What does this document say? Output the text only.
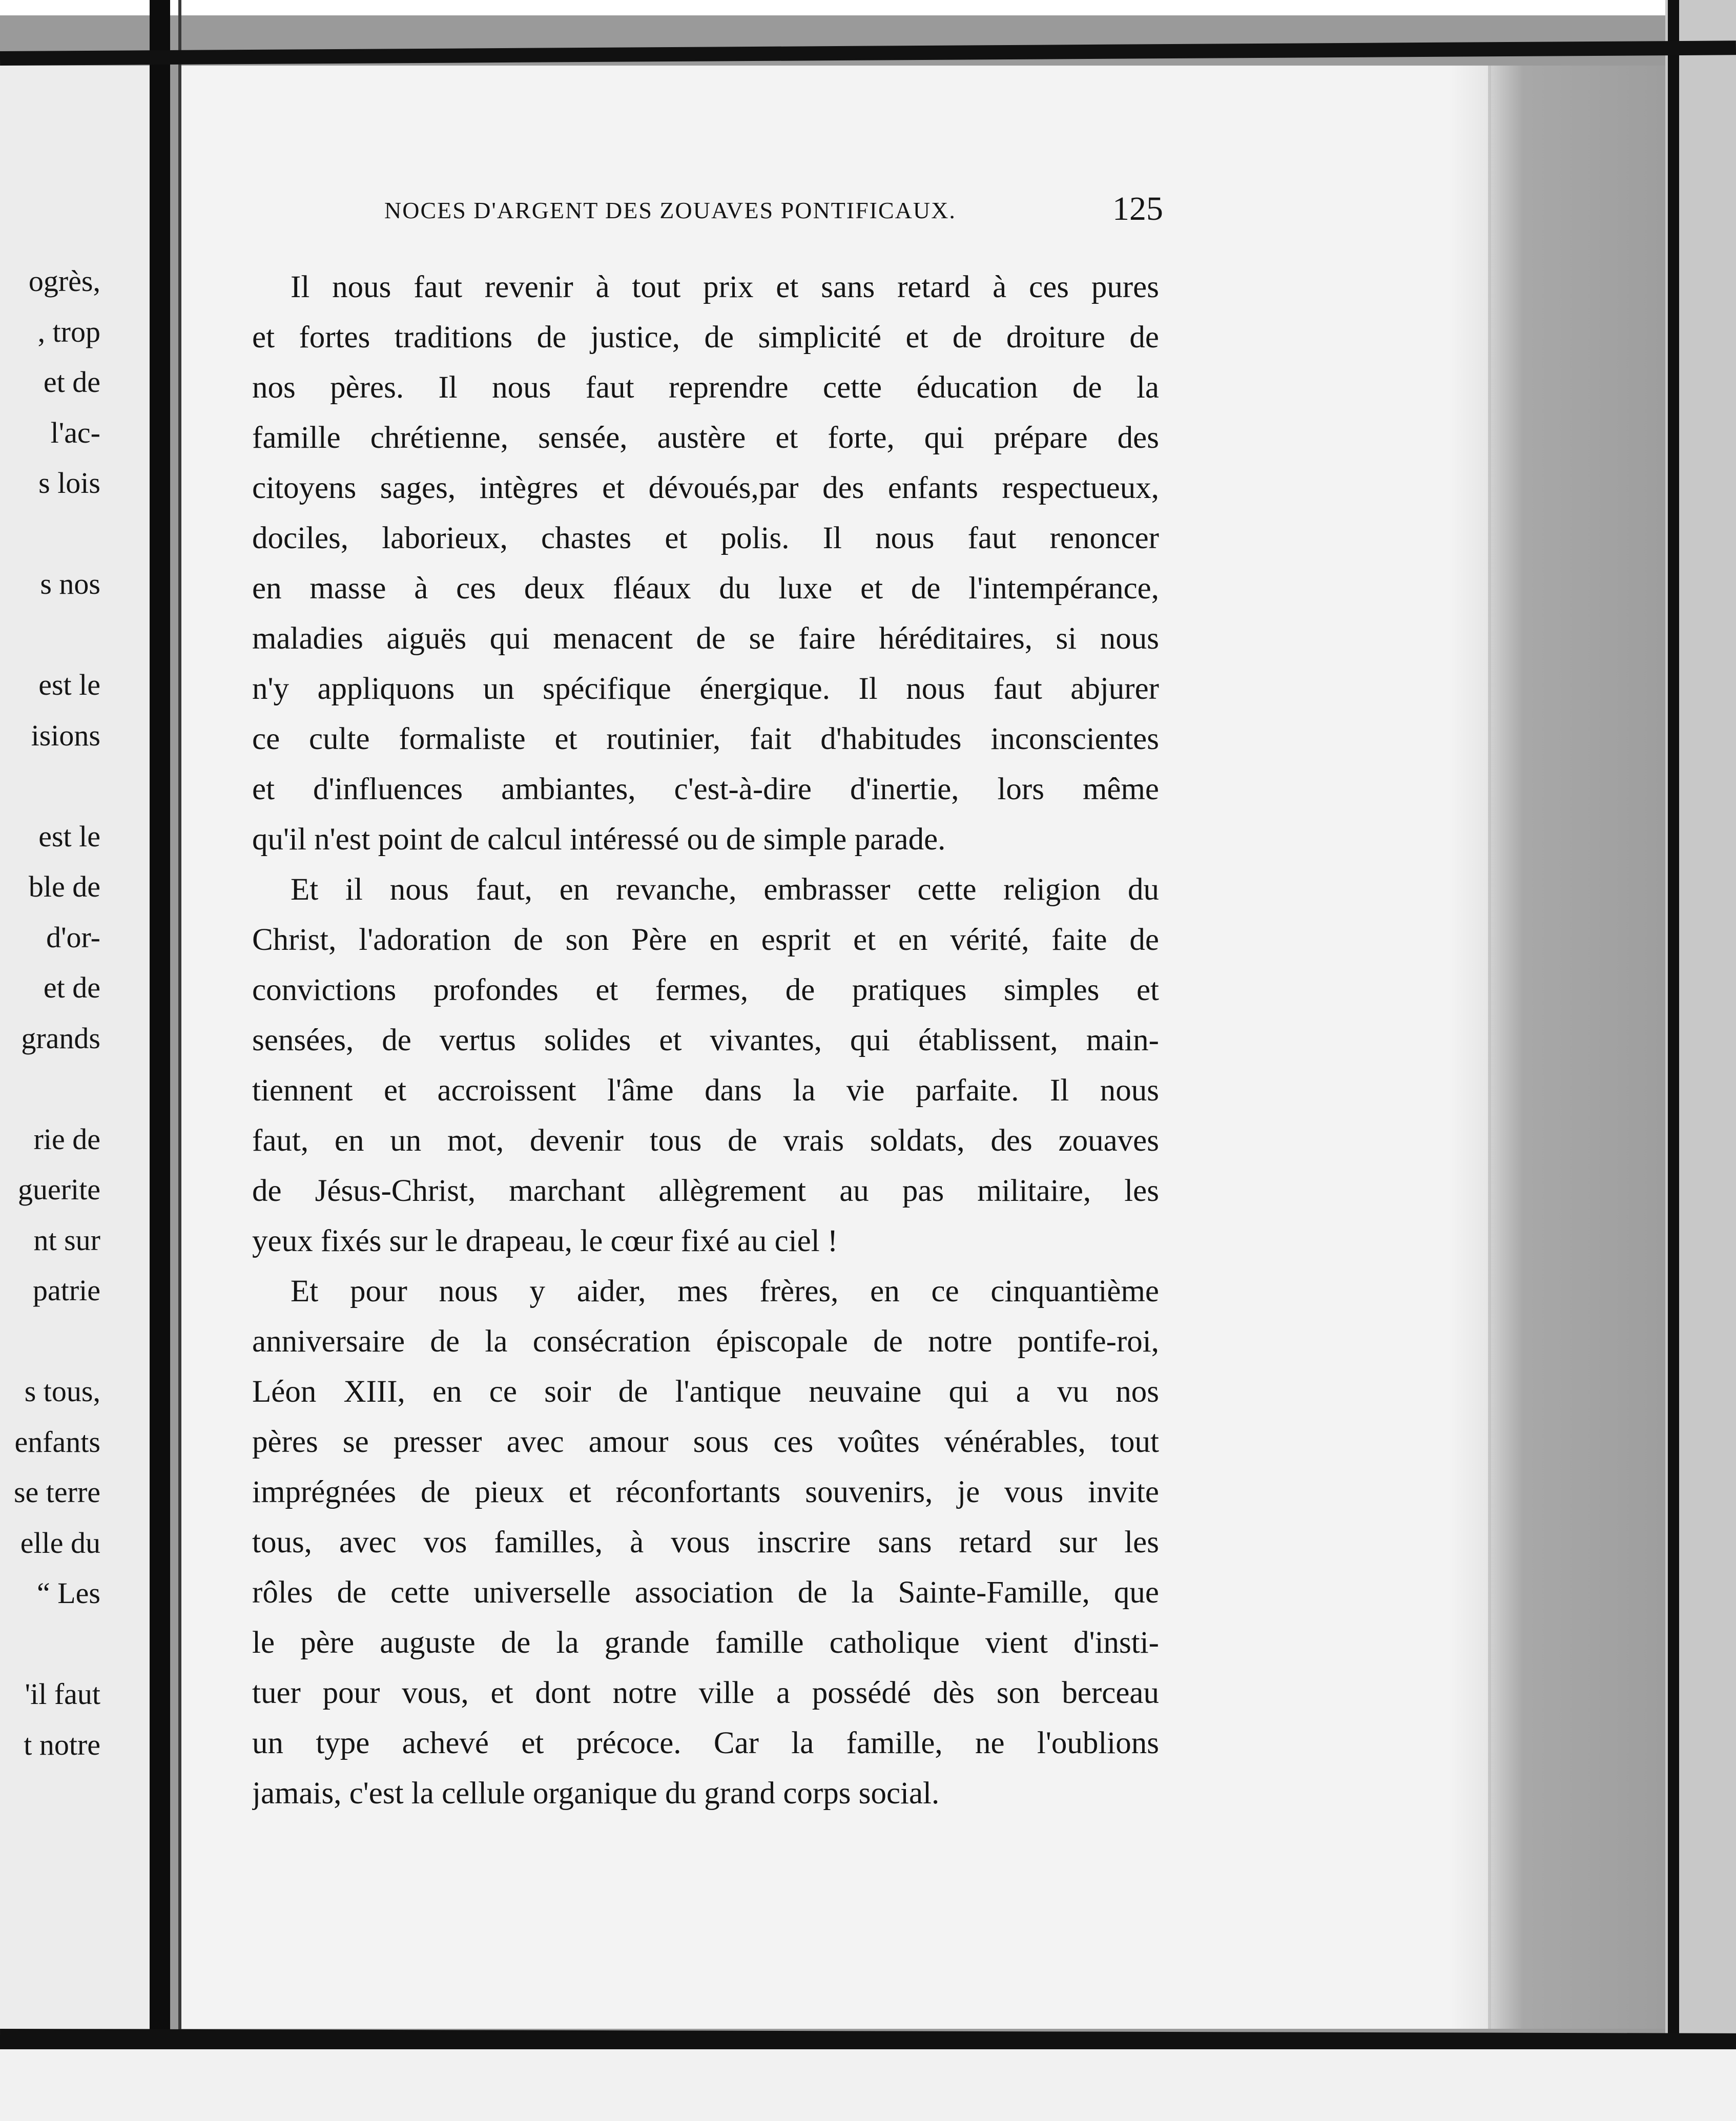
ogrès,
, trop
et de
l'ac-
s lois
s nos
est le
isions
est le
ble de
d'or-
et de
grands
rie de
guerite
nt sur
patrie
s tous,
enfants
se terre
elle du
“ Les
'il faut
t notre
NOCES D'ARGENT DES ZOUAVES PONTIFICAUX.	125
Il nous faut revenir à tout prix et sans retard à ces pures
et fortes traditions de justice, de simplicité et de droiture de
nos pères. Il nous faut reprendre cette éducation de la
famille chrétienne, sensée, austère et forte, qui prépare des
citoyens sages, intègres et dévoués,par des enfants respectueux,
dociles, laborieux, chastes et polis. Il nous faut renoncer
en masse à ces deux fléaux du luxe et de l'intempérance,
maladies aiguës qui menacent de se faire héréditaires, si nous
n'y appliquons un spécifique énergique. Il nous faut abjurer
ce culte formaliste et routinier, fait d'habitudes inconscientes
et d'influences ambiantes, c'est-à-dire d'inertie, lors même
qu'il n'est point de calcul intéressé ou de simple parade.
Et il nous faut, en revanche, embrasser cette religion du
Christ, l'adoration de son Père en esprit et en vérité, faite de
convictions profondes et fermes, de pratiques simples et
sensées, de vertus solides et vivantes, qui établissent, main-
tiennent et accroissent l'âme dans la vie parfaite. Il nous
faut, en un mot, devenir tous de vrais soldats, des zouaves
de Jésus-Christ, marchant allègrement au pas militaire, les
yeux fixés sur le drapeau, le cœur fixé au ciel !
Et pour nous y aider, mes frères, en ce cinquantième
anniversaire de la consécration épiscopale de notre pontife-roi,
Léon XIII, en ce soir de l'antique neuvaine qui a vu nos
pères se presser avec amour sous ces voûtes vénérables, tout
imprégnées de pieux et réconfortants souvenirs, je vous invite
tous, avec vos familles, à vous inscrire sans retard sur les
rôles de cette universelle association de la Sainte-Famille, que
le père auguste de la grande famille catholique vient d'insti-
tuer pour vous, et dont notre ville a possédé dès son berceau
un type achevé et précoce. Car la famille, ne l'oublions
jamais, c'est la cellule organique du grand corps social.
